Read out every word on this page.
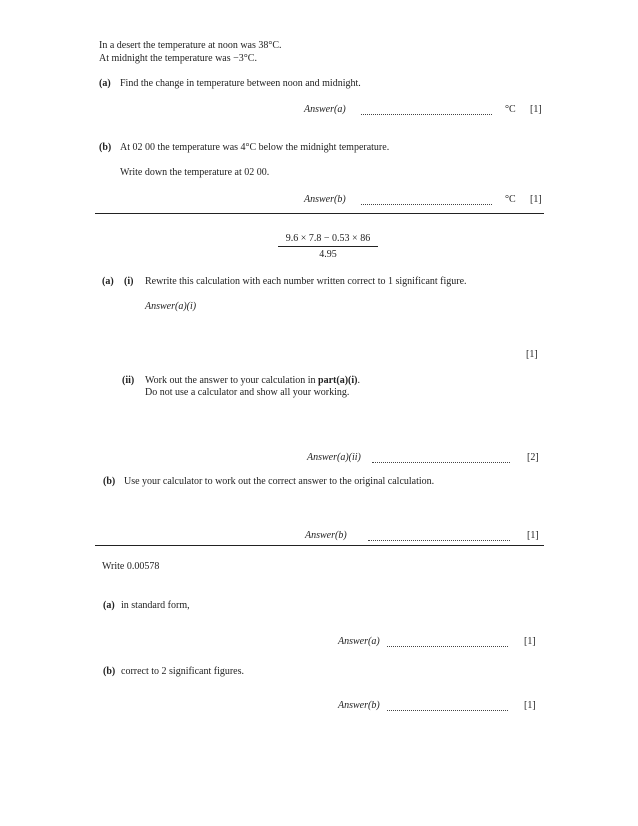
In a desert the temperature at noon was 38°C.
At midnight the temperature was −3°C.
(a) Find the change in temperature between noon and midnight.
Answer(a)	°C [1]
(b) At 02 00 the temperature was 4°C below the midnight temperature.
Write down the temperature at 02 00.
Answer(b)	°C [1]
$\frac{9.6 \times 7.8 - 0.53 \times 86}{4.95}$
(a) (i) Rewrite this calculation with each number written correct to 1 significant figure.
Answer(a)(i)
[1]
(ii) Work out the answer to your calculation in part(a)(i).
Do not use a calculator and show all your working.
Answer(a)(ii)	[2]
(b) Use your calculator to work out the correct answer to the original calculation.
Answer(b)	[1]
Write 0.00578
(a) in standard form,
Answer(a)	[1]
(b) correct to 2 significant figures.
Answer(b)	[1]
